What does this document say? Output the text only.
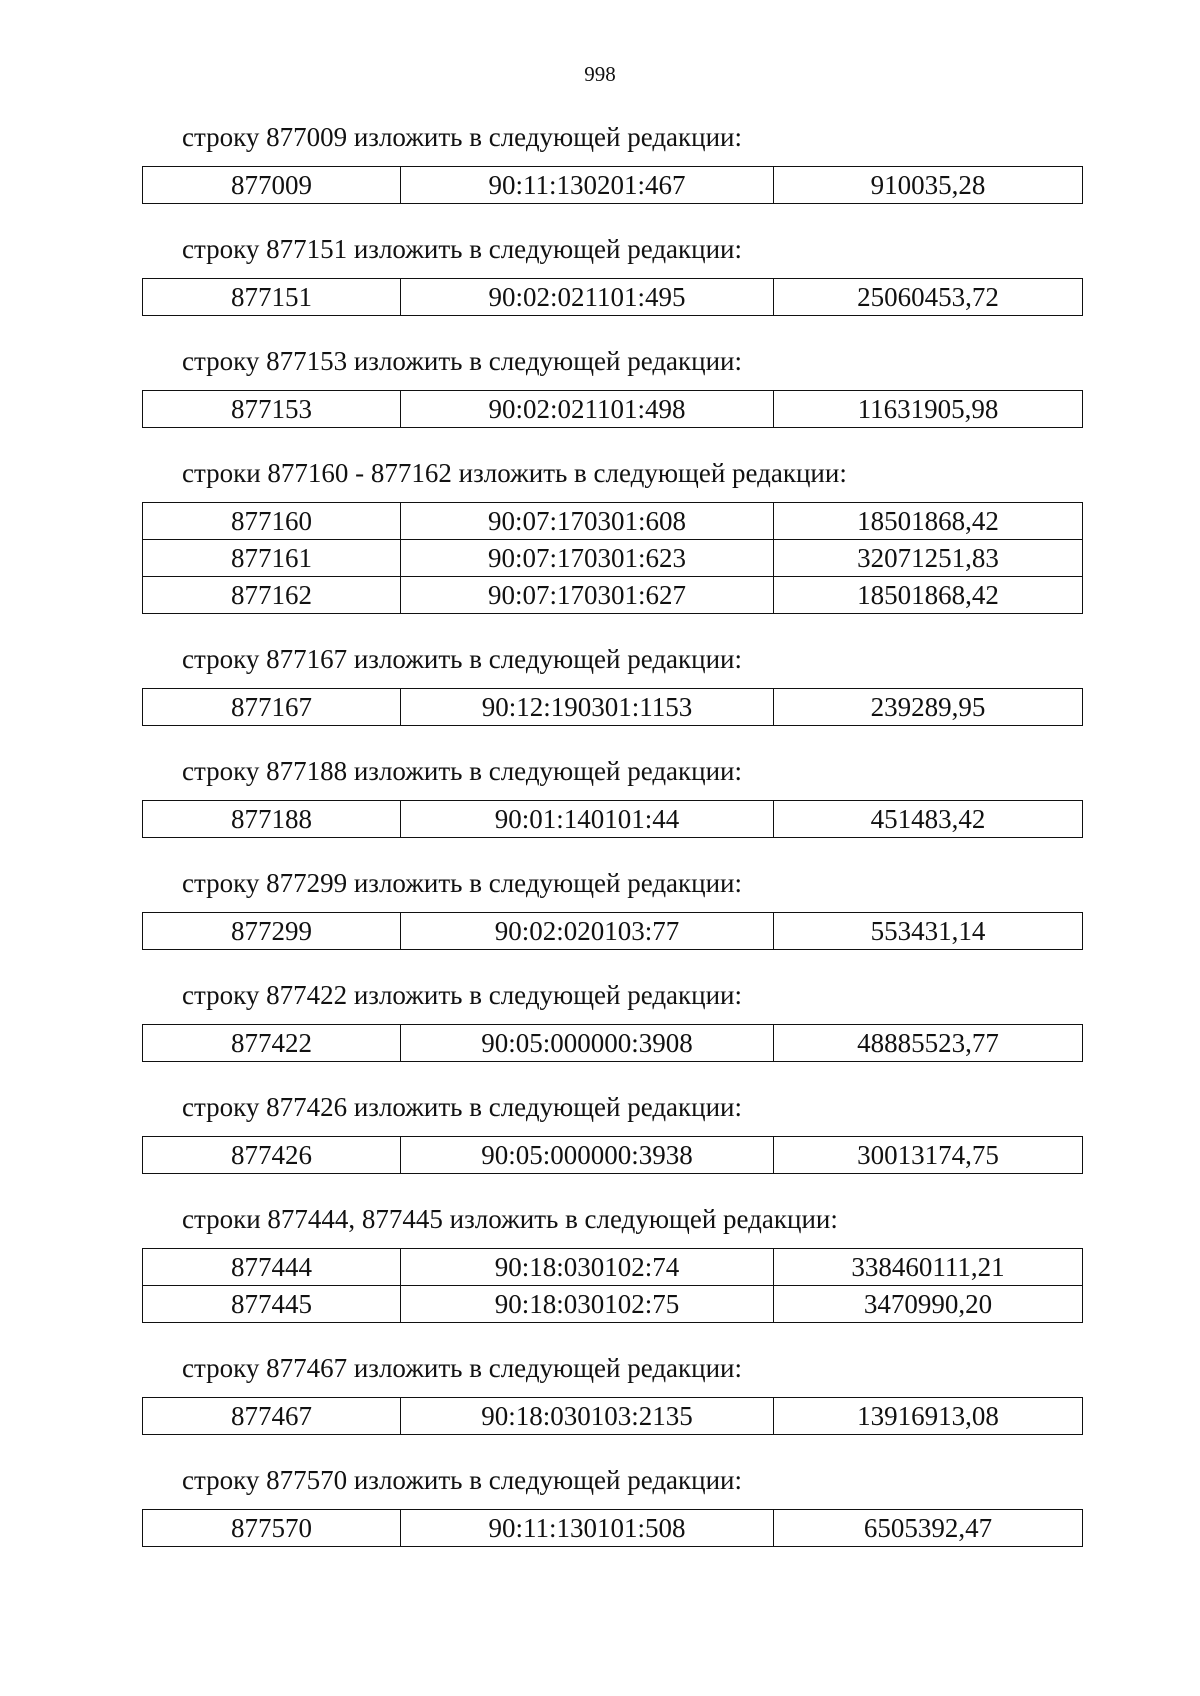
998

строку 877009 изложить в следующей редакции:

877009	90:11:130201:467	910035,28

строку 877151 изложить в следующей редакции:

877151	90:02:021101:495	25060453,72

строку 877153 изложить в следующей редакции:

877153	90:02:021101:498	11631905,98

строки 877160 - 877162 изложить в следующей редакции:

877160	90:07:170301:608	18501868,42
877161	90:07:170301:623	32071251,83
877162	90:07:170301:627	18501868,42

строку 877167 изложить в следующей редакции:

877167	90:12:190301:1153	239289,95

строку 877188 изложить в следующей редакции:

877188	90:01:140101:44	451483,42

строку 877299 изложить в следующей редакции:

877299	90:02:020103:77	553431,14

строку 877422 изложить в следующей редакции:

877422	90:05:000000:3908	48885523,77

строку 877426 изложить в следующей редакции:

877426	90:05:000000:3938	30013174,75

строки 877444, 877445 изложить в следующей редакции:

877444	90:18:030102:74	338460111,21
877445	90:18:030102:75	3470990,20

строку 877467 изложить в следующей редакции:

877467	90:18:030103:2135	13916913,08

строку 877570 изложить в следующей редакции:

877570	90:11:130101:508	6505392,47
